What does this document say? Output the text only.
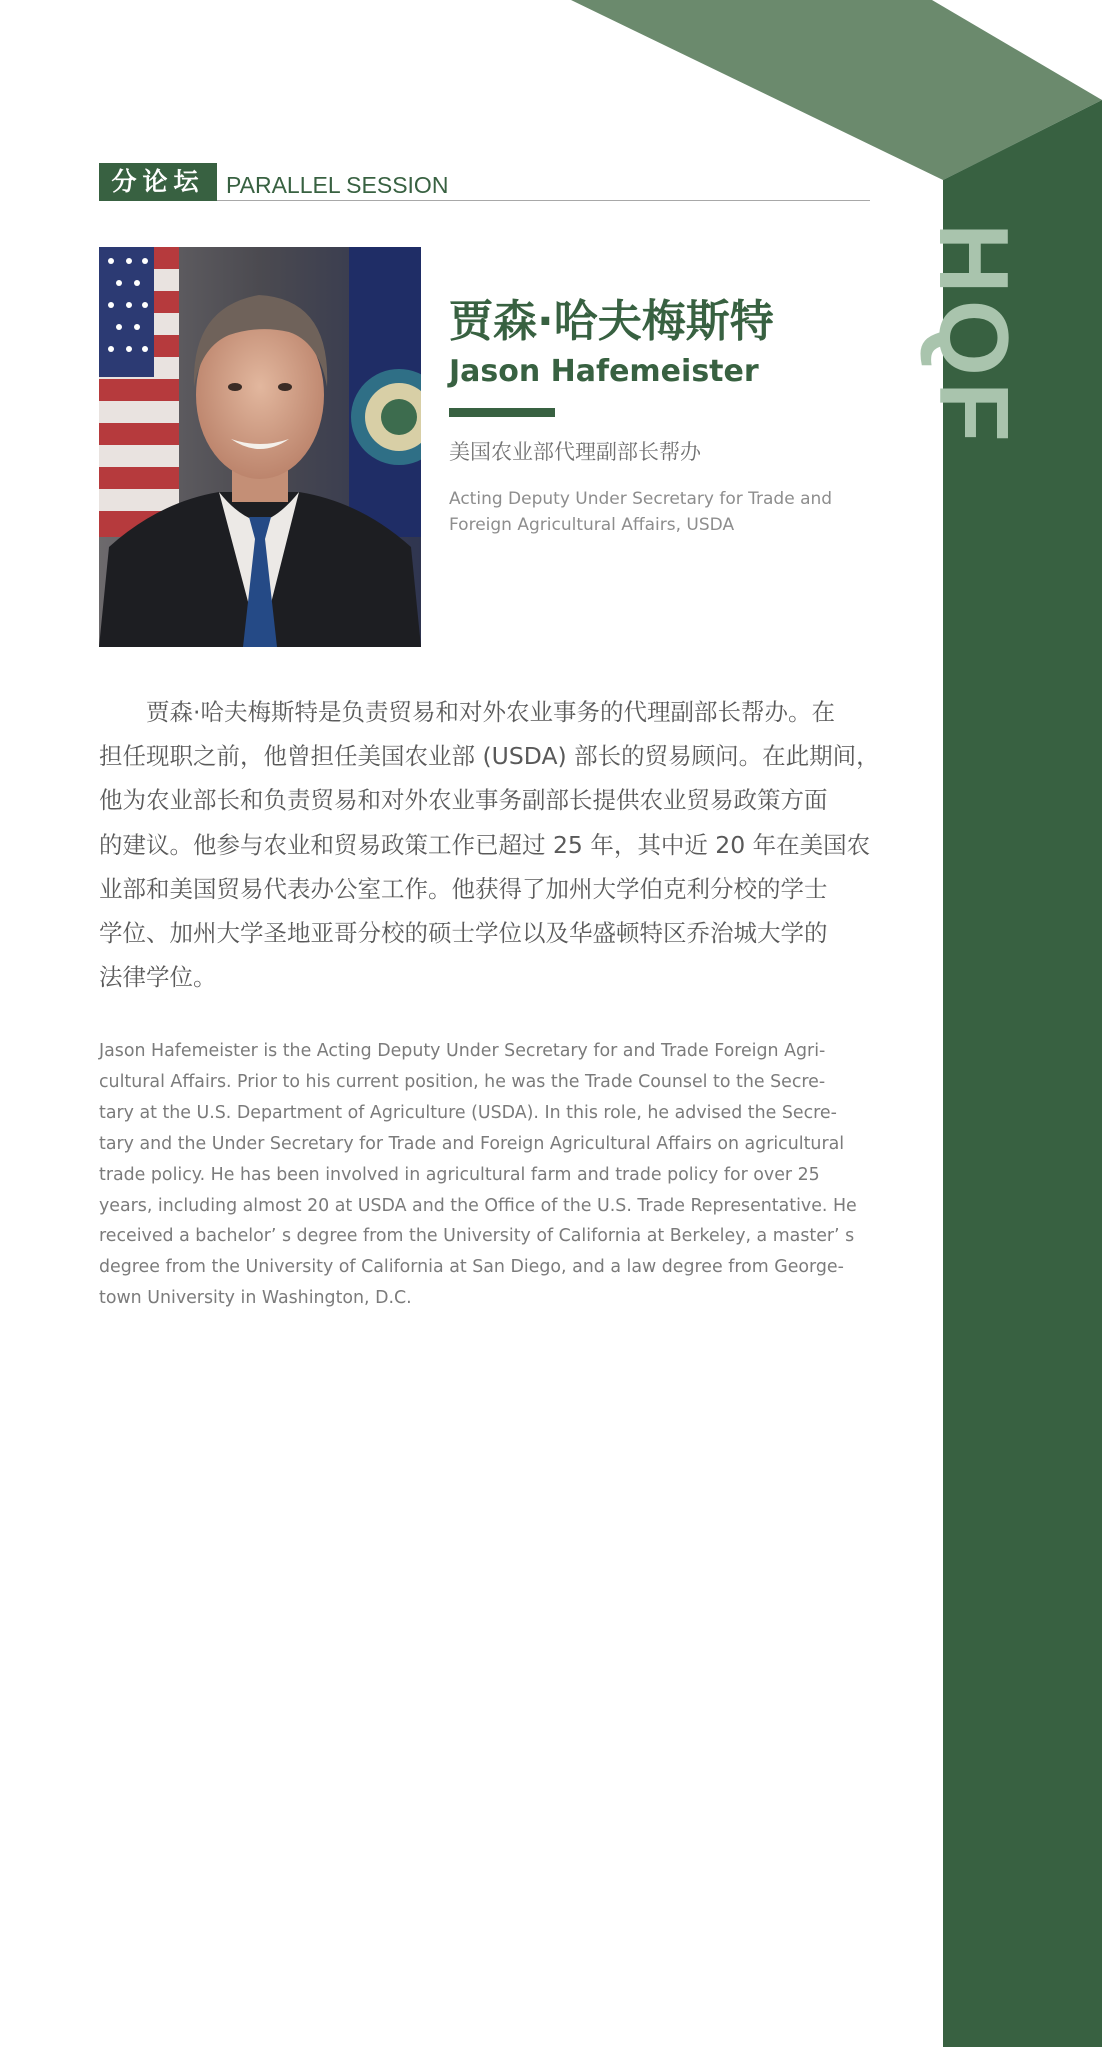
HQF
分论坛 PARALLEL SESSION
贾森·哈夫梅斯特
Jason Hafemeister
美国农业部代理副部长帮办
Acting Deputy Under Secretary for Trade and
Foreign Agricultural Affairs, USDA

　　贾森·哈夫梅斯特是负责贸易和对外农业事务的代理副部长帮办。在
担任现职之前，他曾担任美国农业部 (USDA) 部长的贸易顾问。在此期间，
他为农业部长和负责贸易和对外农业事务副部长提供农业贸易政策方面
的建议。他参与农业和贸易政策工作已超过 25 年，其中近 20 年在美国农
业部和美国贸易代表办公室工作。他获得了加州大学伯克利分校的学士
学位、加州大学圣地亚哥分校的硕士学位以及华盛顿特区乔治城大学的
法律学位。

Jason Hafemeister is the Acting Deputy Under Secretary for and Trade Foreign Agri-
cultural Affairs. Prior to his current position, he was the Trade Counsel to the Secre-
tary at the U.S. Department of Agriculture (USDA). In this role, he advised the Secre-
tary and the Under Secretary for Trade and Foreign Agricultural Affairs on agricultural
trade policy. He has been involved in agricultural farm and trade policy for over 25
years, including almost 20 at USDA and the Office of the U.S. Trade Representative. He
received a bachelor’ s degree from the University of California at Berkeley, a master’ s
degree from the University of California at San Diego, and a law degree from George-
town University in Washington, D.C.
